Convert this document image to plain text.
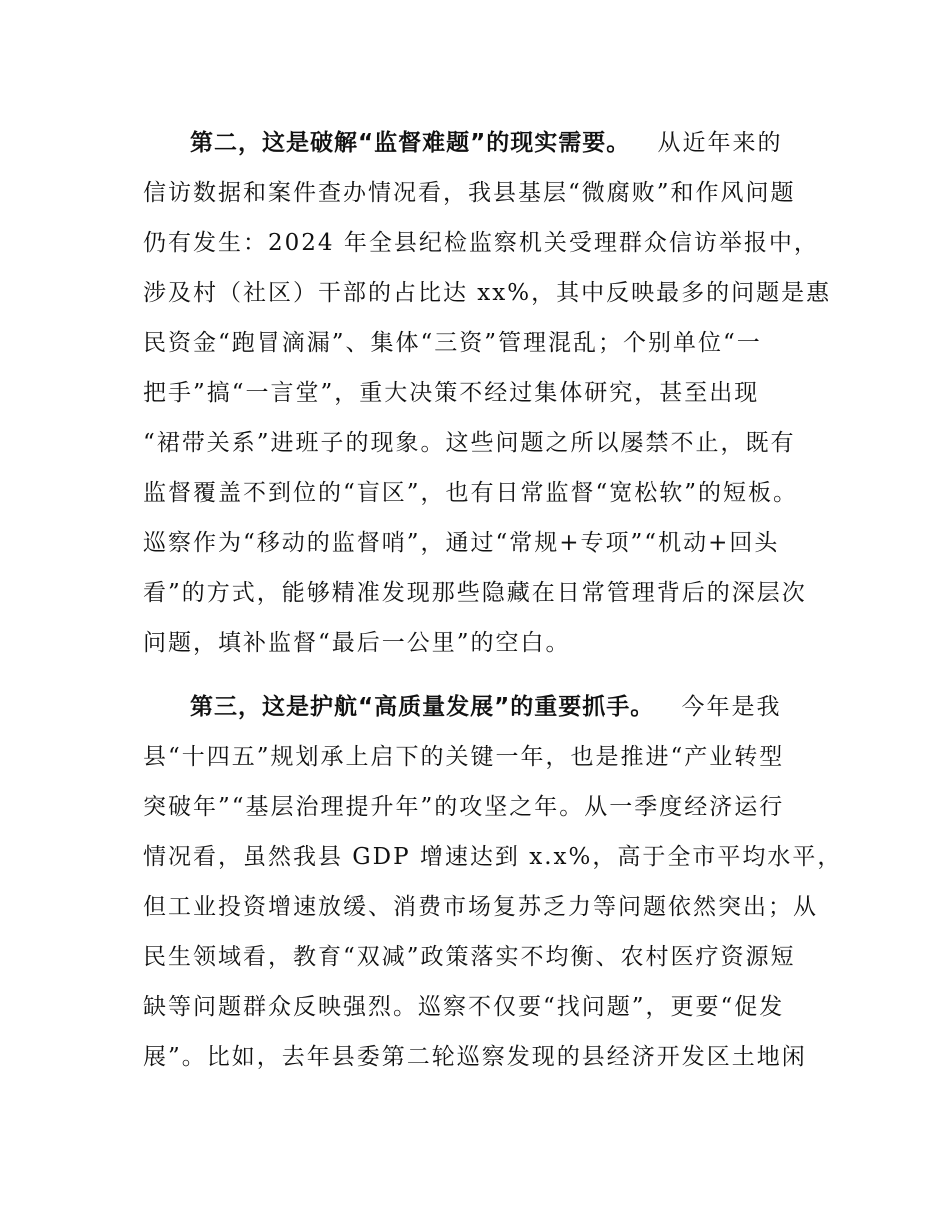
第二，这是破解“监督难题”的现实需要。 从近年来的
信访数据和案件查办情况看，我县基层“微腐败”和作风问题
仍有发生：2024 年全县纪检监察机关受理群众信访举报中，
涉及村（社区）干部的占比达 xx%，其中反映最多的问题是惠
民资金“跑冒滴漏”、集体“三资”管理混乱；个别单位“一
把手”搞“一言堂”，重大决策不经过集体研究，甚至出现
“裙带关系”进班子的现象。这些问题之所以屡禁不止，既有
监督覆盖不到位的“盲区”，也有日常监督“宽松软”的短板。
巡察作为“移动的监督哨”，通过“常规+专项”“机动+回头
看”的方式，能够精准发现那些隐藏在日常管理背后的深层次
问题，填补监督“最后一公里”的空白。
第三，这是护航“高质量发展”的重要抓手。 今年是我
县“十四五”规划承上启下的关键一年，也是推进“产业转型
突破年”“基层治理提升年”的攻坚之年。从一季度经济运行
情况看，虽然我县 GDP 增速达到 x.x%，高于全市平均水平，
但工业投资增速放缓、消费市场复苏乏力等问题依然突出；从
民生领域看，教育“双减”政策落实不均衡、农村医疗资源短
缺等问题群众反映强烈。巡察不仅要“找问题”，更要“促发
展”。比如，去年县委第二轮巡察发现的县经济开发区土地闲
